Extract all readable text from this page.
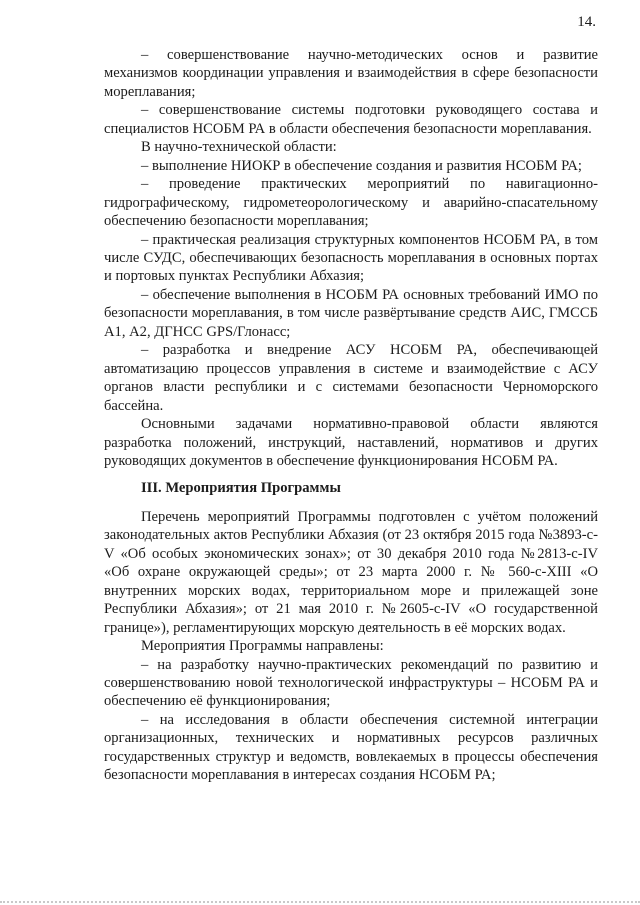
14.

– совершенствование научно-методических основ и развитие механизмов координации управления и взаимодействия в сфере безопасности мореплавания;

– совершенствование системы подготовки руководящего состава и специалистов НСОБМ РА в области обеспечения безопасности мореплавания.

В научно-технической области:

– выполнение НИОКР в обеспечение создания и развития НСОБМ РА;

– проведение практических мероприятий по навигационно-гидрографическому, гидрометеорологическому и аварийно-спасательному обеспечению безопасности мореплавания;

– практическая реализация структурных компонентов НСОБМ РА, в том числе СУДС, обеспечивающих безопасность мореплавания в основных портах и портовых пунктах Республики Абхазия;

– обеспечение выполнения в НСОБМ РА основных требований ИМО по безопасности мореплавания, в том числе развёртывание средств АИС, ГМССБ А1, А2, ДГНСС GPS/Глонасс;

– разработка и внедрение АСУ НСОБМ РА, обеспечивающей автоматизацию процессов управления в системе и взаимодействие с АСУ органов власти республики и с системами безопасности Черноморского бассейна.

Основными задачами нормативно-правовой области являются разработка положений, инструкций, наставлений, нормативов и других руководящих документов в обеспечение функционирования НСОБМ РА.

III. Мероприятия Программы

Перечень мероприятий Программы подготовлен с учётом положений законодательных актов Республики Абхазия (от 23 октября 2015 года №3893-с-V «Об особых экономических зонах»; от 30 декабря 2010 года №2813-с-IV «Об охране окружающей среды»; от 23 марта 2000 г. № 560-с-XIII «О внутренних морских водах, территориальном море и прилежащей зоне Республики Абхазия»; от 21 мая 2010 г. №2605-с-IV «О государственной границе»), регламентирующих морскую деятельность в её морских водах.

Мероприятия Программы направлены:

– на разработку научно-практических рекомендаций по развитию и совершенствованию новой технологической инфраструктуры – НСОБМ РА и обеспечению её функционирования;

– на исследования в области обеспечения системной интеграции организационных, технических и нормативных ресурсов различных государственных структур и ведомств, вовлекаемых в процессы обеспечения безопасности мореплавания в интересах создания НСОБМ РА;
